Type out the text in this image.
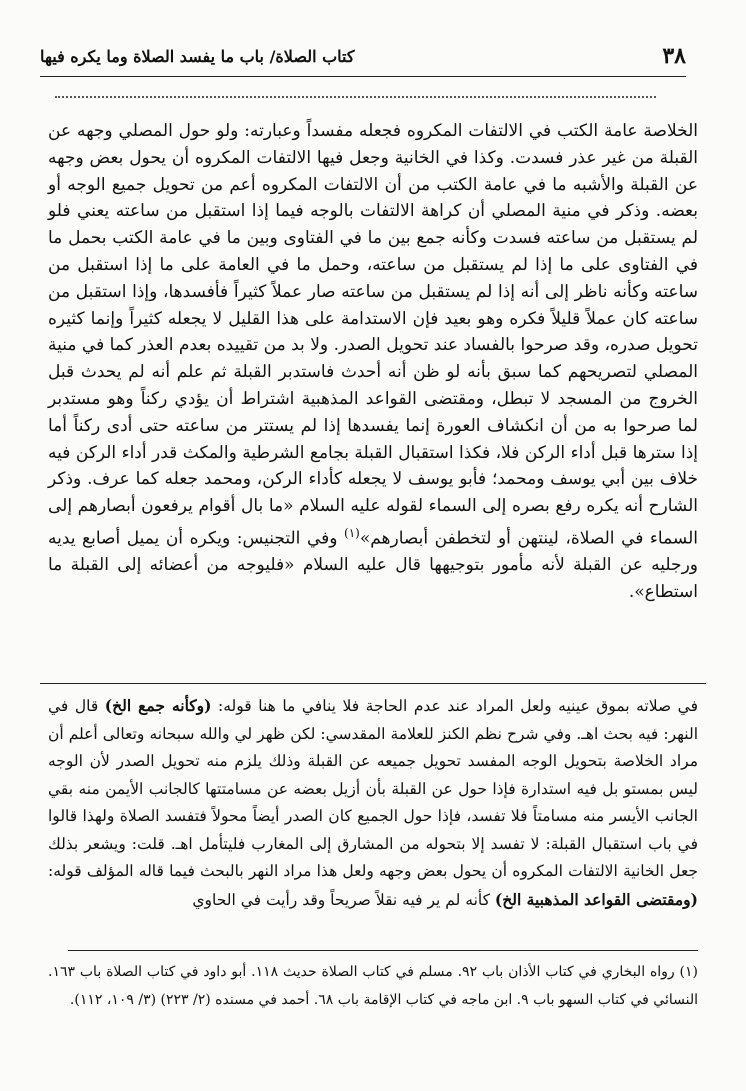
٣٨
كتاب الصلاة/ باب ما يفسد الصلاة وما يكره فيها

الخلاصة عامة الكتب في الالتفات المكروه فجعله مفسداً وعبارته: ولو حول المصلي وجهه عن القبلة من غير عذر فسدت. وكذا في الخانية وجعل فيها الالتفات المكروه أن يحول بعض وجهه عن القبلة والأشبه ما في عامة الكتب من أن الالتفات المكروه أعم من تحويل جميع الوجه أو بعضه. وذكر في منية المصلي أن كراهة الالتفات بالوجه فيما إذا استقبل من ساعته يعني فلو لم يستقبل من ساعته فسدت وكأنه جمع بين ما في الفتاوى وبين ما في عامة الكتب بحمل ما في الفتاوى على ما إذا لم يستقبل من ساعته، وحمل ما في العامة على ما إذا استقبل من ساعته وكأنه ناظر إلى أنه إذا لم يستقبل من ساعته صار عملاً كثيراً فأفسدها، وإذا استقبل من ساعته كان عملاً قليلاً فكره وهو بعيد فإن الاستدامة على هذا القليل لا يجعله كثيراً وإنما كثيره تحويل صدره، وقد صرحوا بالفساد عند تحويل الصدر. ولا بد من تقييده بعدم العذر كما في منية المصلي لتصريحهم كما سبق بأنه لو ظن أنه أحدث فاستدبر القبلة ثم علم أنه لم يحدث قبل الخروج من المسجد لا تبطل، ومقتضى القواعد المذهبية اشتراط أن يؤدي ركناً وهو مستدبر لما صرحوا به من أن انكشاف العورة إنما يفسدها إذا لم يستتر من ساعته حتى أدى ركناً أما إذا سترها قبل أداء الركن فلا، فكذا استقبال القبلة بجامع الشرطية والمكث قدر أداء الركن فيه خلاف بين أبي يوسف ومحمد؛ فأبو يوسف لا يجعله كأداء الركن، ومحمد جعله كما عرف. وذكر الشارح أنه يكره رفع بصره إلى السماء لقوله عليه السلام «ما بال أقوام يرفعون أبصارهم إلى السماء في الصلاة، لينتهن أو لتخطفن أبصارهم»$^{(١)}$ وفي التجنيس: ويكره أن يميل أصابع يديه ورجليه عن القبلة لأنه مأمور بتوجيهها قال عليه السلام «فليوجه من أعضائه إلى القبلة ما استطاع».

في صلاته بموق عينيه ولعل المراد عند عدم الحاجة فلا ينافي ما هنا قوله: (وكأنه جمع الخ) قال في النهر: فيه بحث اهـ. وفي شرح نظم الكنز للعلامة المقدسي: لكن ظهر لي والله سبحانه وتعالى أعلم أن مراد الخلاصة بتحويل الوجه المفسد تحويل جميعه عن القبلة وذلك يلزم منه تحويل الصدر لأن الوجه ليس بمستو بل فيه استدارة فإذا حول عن القبلة بأن أزيل بعضه عن مسامتتها كالجانب الأيمن منه بقي الجانب الأيسر منه مسامتاً فلا تفسد، فإذا حول الجميع كان الصدر أيضاً محولاً فتفسد الصلاة ولهذا قالوا في باب استقبال القبلة: لا تفسد إلا بتحوله من المشارق إلى المغارب فليتأمل اهـ. قلت: ويشعر بذلك جعل الخانية الالتفات المكروه أن يحول بعض وجهه ولعل هذا مراد النهر بالبحث فيما قاله المؤلف قوله: (ومقتضى القواعد المذهبية الخ) كأنه لم ير فيه نقلاً صريحاً وقد رأيت في الحاوي

(١) رواه البخاري في كتاب الأذان باب ٩٢. مسلم في كتاب الصلاة حديث ١١٨. أبو داود في كتاب الصلاة باب ١٦٣. النسائي في كتاب السهو باب ٩. ابن ماجه في كتاب الإقامة باب ٦٨. أحمد في مسنده (٢/ ٢٢٣) (٣/ ١٠٩، ١١٢).
